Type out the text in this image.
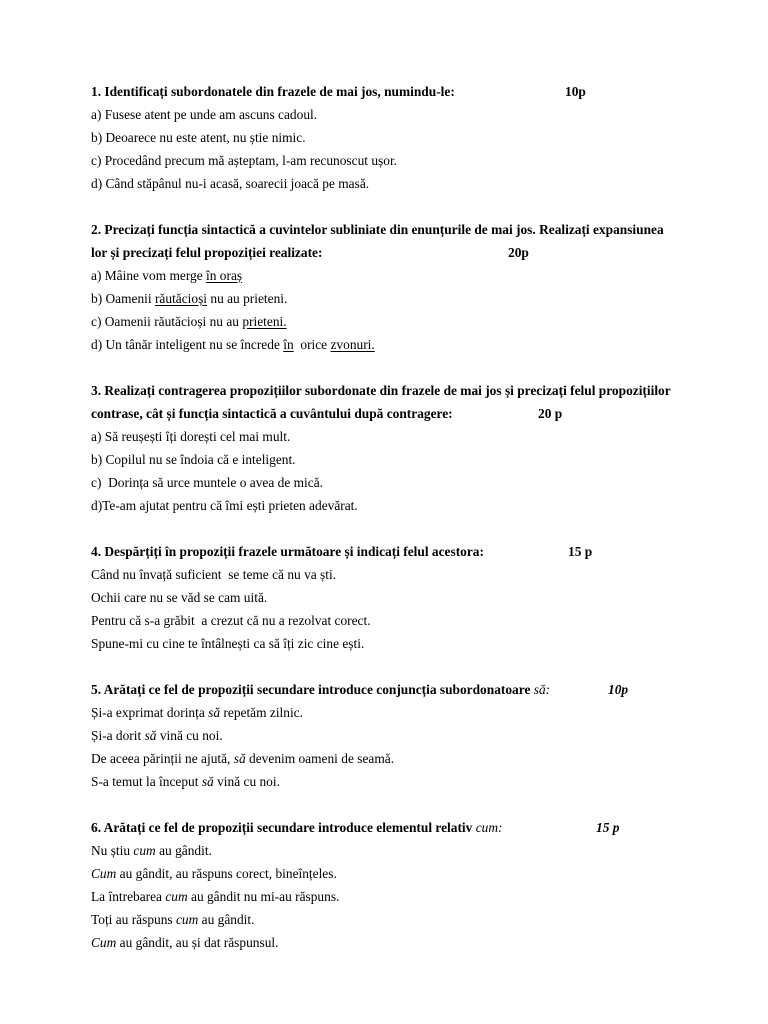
1. Identificați subordonatele din frazele de mai jos, numindu-le:	10p
a) Fusese atent pe unde am ascuns cadoul.
b) Deoarece nu este atent, nu știe nimic.
c) Procedând precum mă așteptam, l-am recunoscut ușor.
d) Când stăpânul nu-i acasă, soarecii joacă pe masă.
2. Precizați funcția sintactică a cuvintelor subliniate din enunțurile de mai jos. Realizați expansiunea
lor și precizați felul propoziției realizate:	20p
a) Mâine vom merge în oraș
b) Oamenii răutăcioși nu au prieteni.
c) Oamenii răutăcioși nu au prieteni.
d) Un tânăr inteligent nu se încrede în  orice zvonuri.
3. Realizați contragerea propozițiilor subordonate din frazele de mai jos și precizați felul propozițiilor
contrase, cât și funcția sintactică a cuvântului după contragere:	20 p
a) Să reușești îți dorești cel mai mult.
b) Copilul nu se îndoia că e inteligent.
c)  Dorința să urce muntele o avea de mică.
d)Te-am ajutat pentru că îmi ești prieten adevărat.
4. Despărțiți în propoziții frazele următoare și indicați felul acestora:	15 p
Când nu învață suficient  se teme că nu va ști.
Ochii care nu se văd se cam uită.
Pentru că s-a grăbit  a crezut că nu a rezolvat corect.
Spune-mi cu cine te întâlnești ca să îți zic cine ești.
5. Arătați ce fel de propoziții secundare introduce conjuncția subordonatoare să:	10p
Și-a exprimat dorința să repetăm zilnic.
Și-a dorit să vină cu noi.
De aceea părinții ne ajută, să devenim oameni de seamă.
S-a temut la început să vină cu noi.
6. Arătați ce fel de propoziții secundare introduce elementul relativ cum:	15 p
Nu știu cum au gândit.
Cum au gândit, au răspuns corect, bineînțeles.
La întrebarea cum au gândit nu mi-au răspuns.
Toți au răspuns cum au gândit.
Cum au gândit, au și dat răspunsul.
